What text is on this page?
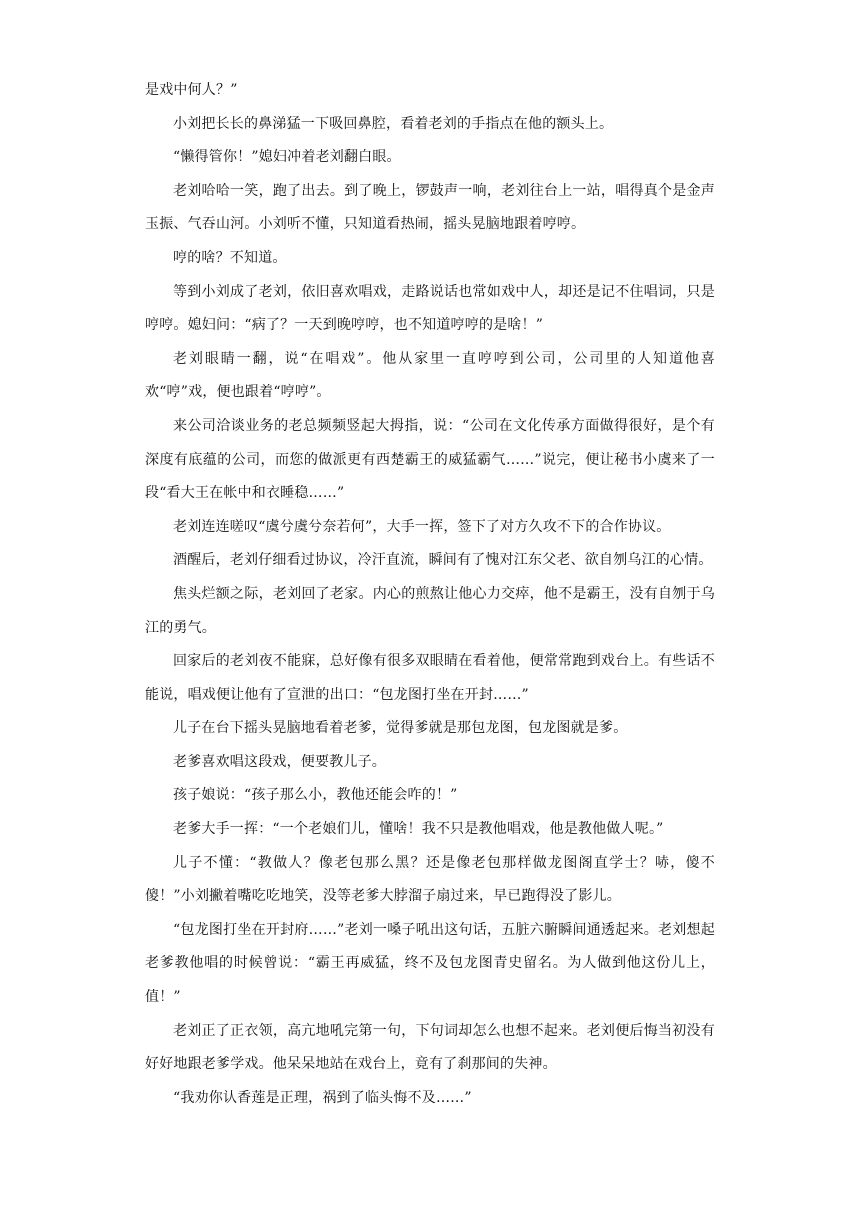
是戏中何人？”

小刘把长长的鼻涕猛一下吸回鼻腔，看着老刘的手指点在他的额头上。

“懒得管你！”媳妇冲着老刘翻白眼。

老刘哈哈一笑，跑了出去。到了晚上，锣鼓声一响，老刘往台上一站，唱得真个是金声玉振、气吞山河。小刘听不懂，只知道看热闹，摇头晃脑地跟着哼哼。

哼的啥？不知道。

等到小刘成了老刘，依旧喜欢唱戏，走路说话也常如戏中人，却还是记不住唱词，只是哼哼。媳妇问：“病了？一天到晚哼哼，也不知道哼哼的是啥！”

老刘眼睛一翻，说“在唱戏”。他从家里一直哼哼到公司，公司里的人知道他喜欢“哼”戏，便也跟着“哼哼”。

来公司洽谈业务的老总频频竖起大拇指，说：“公司在文化传承方面做得很好，是个有深度有底蕴的公司，而您的做派更有西楚霸王的威猛霸气……”说完，便让秘书小虞来了一段“看大王在帐中和衣睡稳……”

老刘连连嗟叹“虞兮虞兮奈若何”，大手一挥，签下了对方久攻不下的合作协议。

酒醒后，老刘仔细看过协议，冷汗直流，瞬间有了愧对江东父老、欲自刎乌江的心情。

焦头烂额之际，老刘回了老家。内心的煎熬让他心力交瘁，他不是霸王，没有自刎于乌江的勇气。

回家后的老刘夜不能寐，总好像有很多双眼睛在看着他，便常常跑到戏台上。有些话不能说，唱戏便让他有了宣泄的出口：“包龙图打坐在开封……”

儿子在台下摇头晃脑地看着老爹，觉得爹就是那包龙图，包龙图就是爹。

老爹喜欢唱这段戏，便要教儿子。

孩子娘说：“孩子那么小，教他还能会咋的！”

老爹大手一挥：“一个老娘们儿，懂啥！我不只是教他唱戏，他是教他做人呢。”

儿子不懂：“教做人？像老包那么黑？还是像老包那样做龙图阁直学士？哧，傻不傻！”小刘撇着嘴吃吃地笑，没等老爹大脖溜子扇过来，早已跑得没了影儿。

“包龙图打坐在开封府……”老刘一嗓子吼出这句话，五脏六腑瞬间通透起来。老刘想起老爹教他唱的时候曾说：“霸王再威猛，终不及包龙图青史留名。为人做到他这份儿上，值！”

老刘正了正衣领，高亢地吼完第一句，下句词却怎么也想不起来。老刘便后悔当初没有好好地跟老爹学戏。他呆呆地站在戏台上，竟有了刹那间的失神。

“我劝你认香莲是正理，祸到了临头悔不及……”
